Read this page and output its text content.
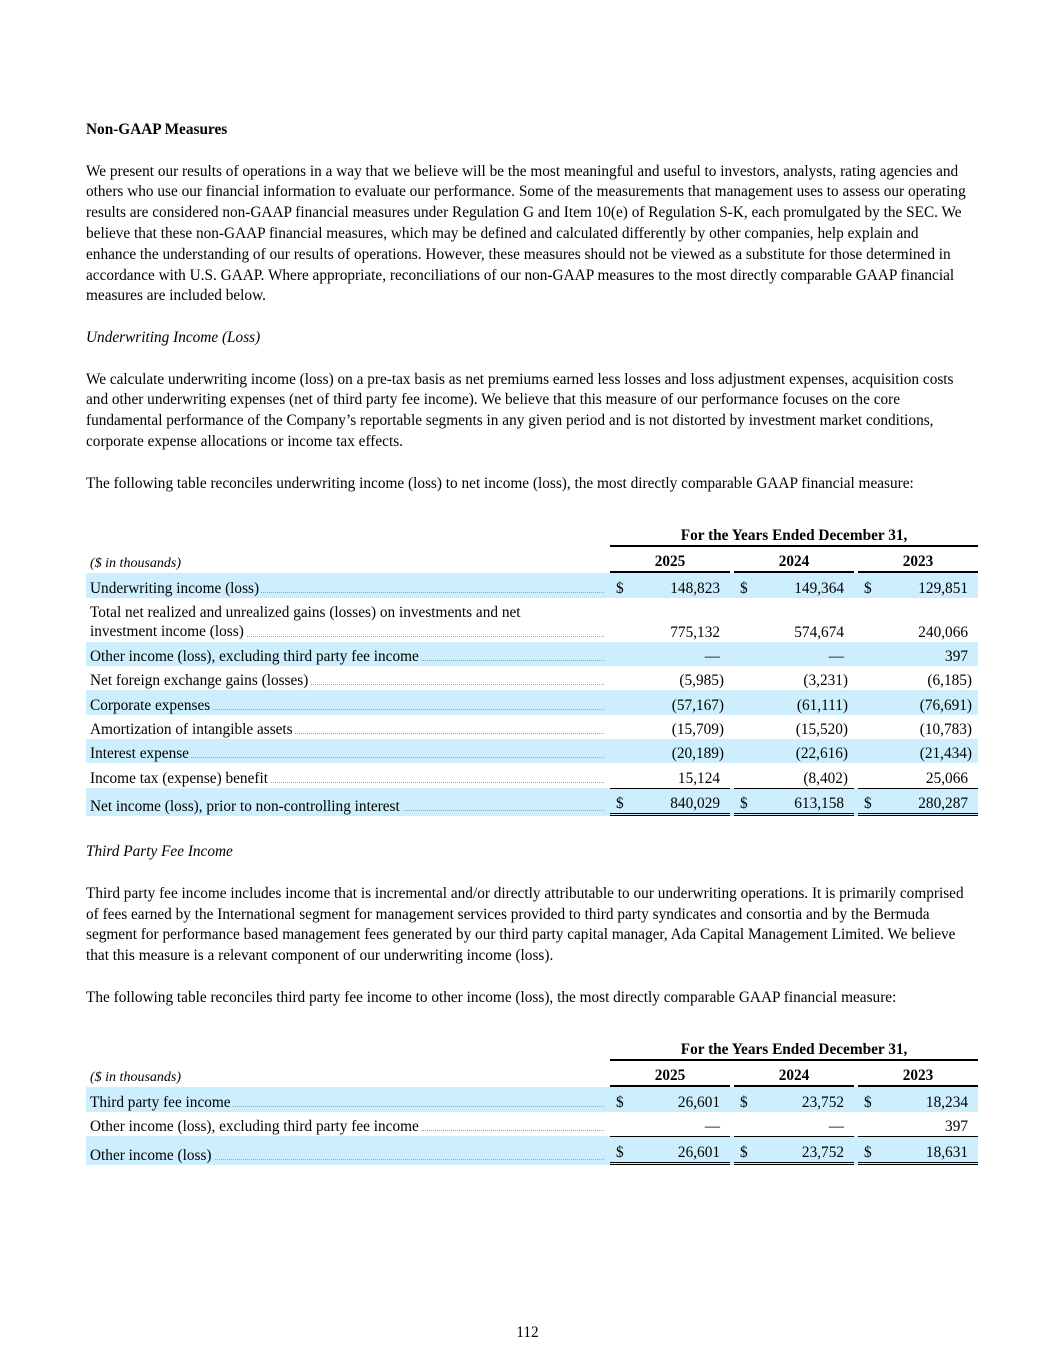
Non-GAAP Measures

We present our results of operations in a way that we believe will be the most meaningful and useful to investors, analysts, rating agencies and others who use our financial information to evaluate our performance. Some of the measurements that management uses to assess our operating results are considered non-GAAP financial measures under Regulation G and Item 10(e) of Regulation S-K, each promulgated by the SEC. We believe that these non-GAAP financial measures, which may be defined and calculated differently by other companies, help explain and enhance the understanding of our results of operations. However, these measures should not be viewed as a substitute for those determined in accordance with U.S. GAAP. Where appropriate, reconciliations of our non-GAAP measures to the most directly comparable GAAP financial measures are included below.

Underwriting Income (Loss)

We calculate underwriting income (loss) on a pre-tax basis as net premiums earned less losses and loss adjustment expenses, acquisition costs and other underwriting expenses (net of third party fee income). We believe that this measure of our performance focuses on the core fundamental performance of the Company’s reportable segments in any given period and is not distorted by investment market conditions, corporate expense allocations or income tax effects.

The following table reconciles underwriting income (loss) to net income (loss), the most directly comparable GAAP financial measure:

		For the Years Ended December 31,										
($ in thousands)		2025				2024				2023		

Underwriting income (loss)		$	148,823			$	149,364			$	129,851	

Total net realized and unrealized gains (losses) on investments and net
investment income (loss)			775,132				574,674				240,066	

Other income (loss), excluding third party fee income			—				—				397	

Net foreign exchange gains (losses)			(5,985)				(3,231)				(6,185)	

Corporate expenses			(57,167)				(61,111)				(76,691)	

Amortization of intangible assets			(15,709)				(15,520)				(10,783)	

Interest expense			(20,189)				(22,616)				(21,434)	

Income tax (expense) benefit			15,124				(8,402)				25,066	

Net income (loss), prior to non-controlling interest		$	840,029			$	613,158			$	280,287	
Third Party Fee Income

Third party fee income includes income that is incremental and/or directly attributable to our underwriting operations. It is primarily comprised of fees earned by the International segment for management services provided to third party syndicates and consortia and by the Bermuda segment for performance based management fees generated by our third party capital manager, Ada Capital Management Limited. We believe that this measure is a relevant component of our underwriting income (loss).

The following table reconciles third party fee income to other income (loss), the most directly comparable GAAP financial measure:

		For the Years Ended December 31,										
($ in thousands)		2025				2024				2023		

Third party fee income		$	26,601			$	23,752			$	18,234	

Other income (loss), excluding third party fee income			—				—				397	

Other income (loss)		$	26,601			$	23,752			$	18,631	
112
